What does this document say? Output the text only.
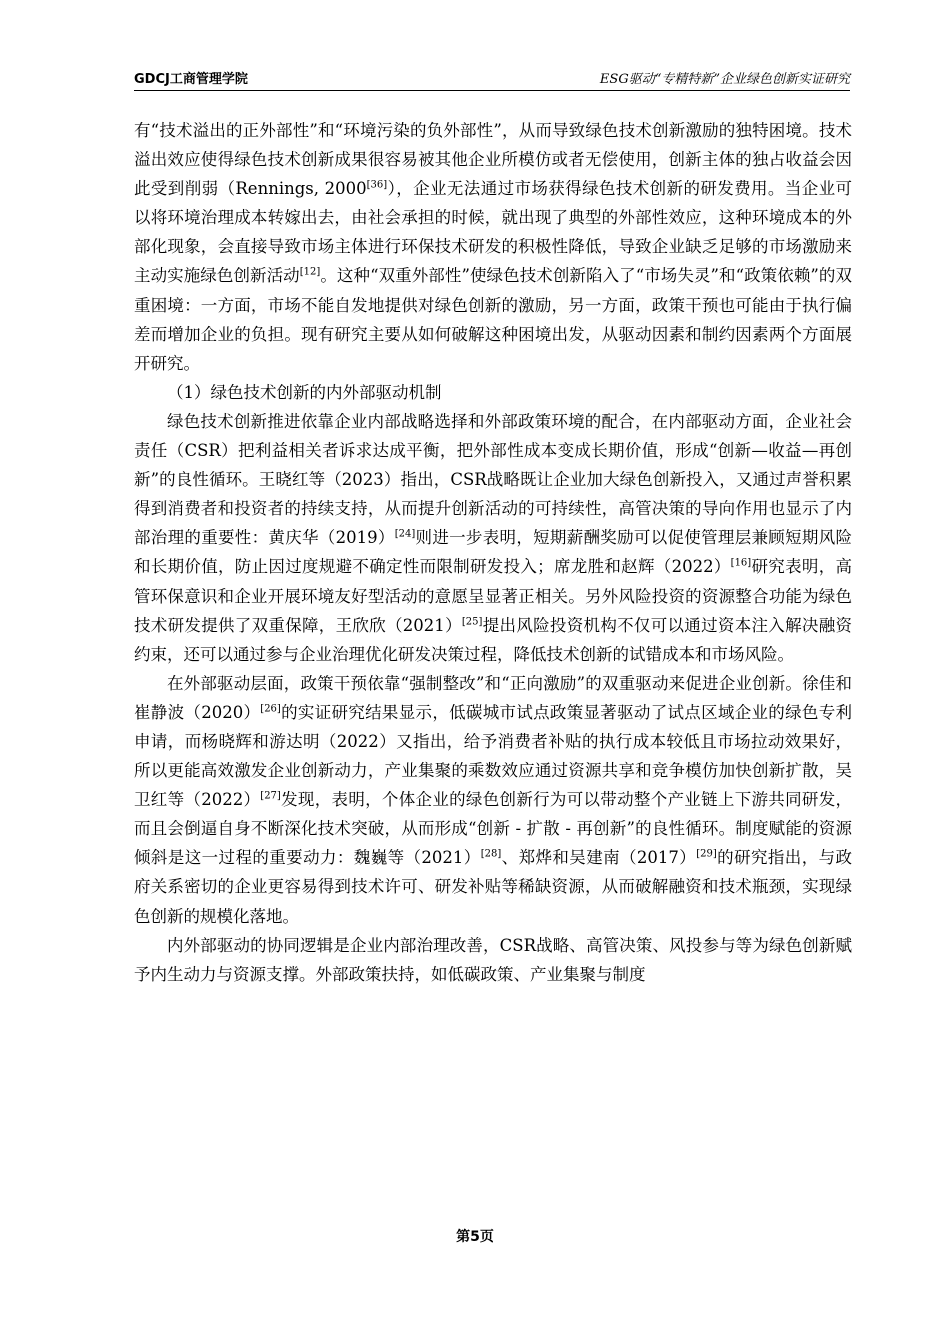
GDCJ工商管理学院	ESG驱动“专精特新”企业绿色创新实证研究

有“技术溢出的正外部性”和“环境污染的负外部性”，从而导致绿色技术创新激励的独特困境。技术溢出效应使得绿色技术创新成果很容易被其他企业所模仿或者无偿使用，创新主体的独占收益会因此受到削弱（Rennings, 2000[36]），企业无法通过市场获得绿色技术创新的研发费用。当企业可以将环境治理成本转嫁出去，由社会承担的时候，就出现了典型的外部性效应，这种环境成本的外部化现象，会直接导致市场主体进行环保技术研发的积极性降低，导致企业缺乏足够的市场激励来主动实施绿色创新活动[12]。这种“双重外部性”使绿色技术创新陷入了“市场失灵”和“政策依赖”的双重困境：一方面，市场不能自发地提供对绿色创新的激励，另一方面，政策干预也可能由于执行偏差而增加企业的负担。现有研究主要从如何破解这种困境出发，从驱动因素和制约因素两个方面展开研究。

（1）绿色技术创新的内外部驱动机制

绿色技术创新推进依靠企业内部战略选择和外部政策环境的配合，在内部驱动方面，企业社会责任（CSR）把利益相关者诉求达成平衡，把外部性成本变成长期价值，形成“创新—收益—再创新”的良性循环。王晓红等（2023）指出，CSR战略既让企业加大绿色创新投入，又通过声誉积累得到消费者和投资者的持续支持，从而提升创新活动的可持续性，高管决策的导向作用也显示了内部治理的重要性：黄庆华（2019）[24]则进一步表明，短期薪酬奖励可以促使管理层兼顾短期风险和长期价值，防止因过度规避不确定性而限制研发投入；席龙胜和赵辉（2022）[16]研究表明，高管环保意识和企业开展环境友好型活动的意愿呈显著正相关。另外风险投资的资源整合功能为绿色技术研发提供了双重保障，王欣欣（2021）[25]提出风险投资机构不仅可以通过资本注入解决融资约束，还可以通过参与企业治理优化研发决策过程，降低技术创新的试错成本和市场风险。

在外部驱动层面，政策干预依靠“强制整改”和“正向激励”的双重驱动来促进企业创新。徐佳和崔静波（2020）[26]的实证研究结果显示，低碳城市试点政策显著驱动了试点区域企业的绿色专利申请，而杨晓辉和游达明（2022）又指出，给予消费者补贴的执行成本较低且市场拉动效果好，所以更能高效激发企业创新动力，产业集聚的乘数效应通过资源共享和竞争模仿加快创新扩散，吴卫红等（2022）[27]发现，表明，个体企业的绿色创新行为可以带动整个产业链上下游共同研发，而且会倒逼自身不断深化技术突破，从而形成“创新 - 扩散 - 再创新”的良性循环。制度赋能的资源倾斜是这一过程的重要动力：魏巍等（2021）[28]、郑烨和吴建南（2017）[29]的研究指出，与政府关系密切的企业更容易得到技术许可、研发补贴等稀缺资源，从而破解融资和技术瓶颈，实现绿色创新的规模化落地。

内外部驱动的协同逻辑是企业内部治理改善，CSR战略、高管决策、风投参与等为绿色创新赋予内生动力与资源支撑。外部政策扶持，如低碳政策、产业集聚与制度

第5页
